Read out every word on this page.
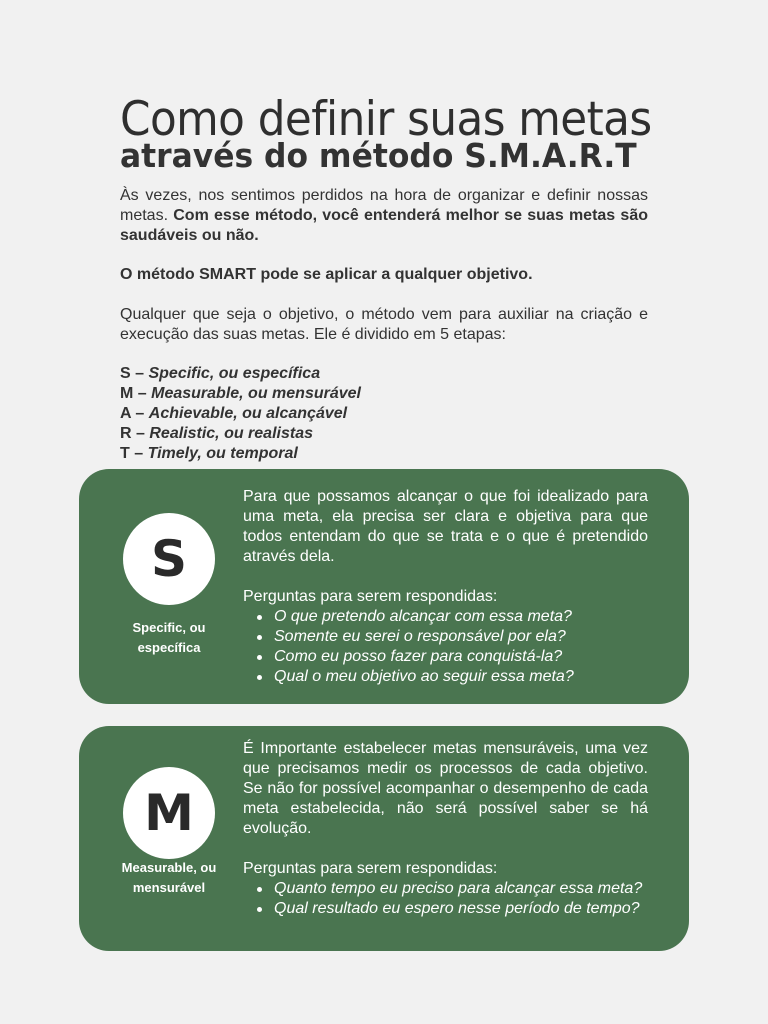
Como definir suas metas
através do método S.M.A.R.T

Às vezes, nos sentimos perdidos na hora de organizar e definir nossas metas. Com esse método, você entenderá melhor se suas metas são saudáveis ou não.

O método SMART pode se aplicar a qualquer objetivo.

Qualquer que seja o objetivo, o método vem para auxiliar na criação e execução das suas metas. Ele é dividido em 5 etapas:

S – Specific, ou específica
M – Measurable, ou mensurável
A – Achievable, ou alcançável
R – Realistic, ou realistas
T – Timely, ou temporal
S
Specific, ou específica

Para que possamos alcançar o que foi idealizado para uma meta, ela precisa ser clara e objetiva para que todos entendam do que se trata e o que é pretendido através dela.

Perguntas para serem respondidas:

O que pretendo alcançar com essa meta?
Somente eu serei o responsável por ela?
Como eu posso fazer para conquistá-la?
Qual o meu objetivo ao seguir essa meta?
M
Measurable, ou mensurável

É Importante estabelecer metas mensuráveis, uma vez que precisamos medir os processos de cada objetivo. Se não for possível acompanhar o desempenho de cada meta estabelecida, não será possível saber se há evolução.

Perguntas para serem respondidas:

Quanto tempo eu preciso para alcançar essa meta?
Qual resultado eu espero nesse período de tempo?
